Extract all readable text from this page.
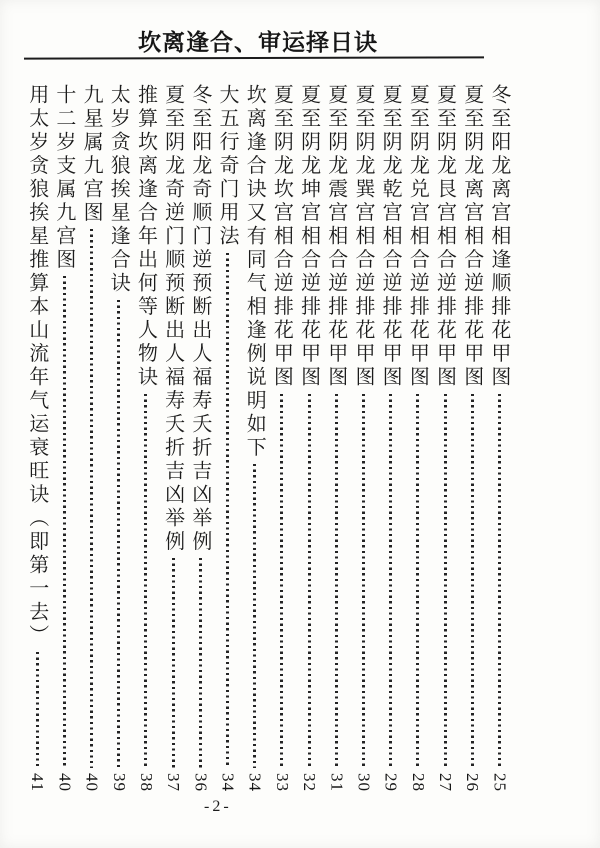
坎离逢合、审运择日诀
冬至阳龙离宫相逢顺排花甲图
25
夏至阴龙离宫相合逆排花甲图
26
夏至阴龙艮宫相合逆排花甲图
27
夏至阴龙兑宫相合逆排花甲图
28
夏至阴龙乾宫相合逆排花甲图
29
夏至阴龙巽宫相合逆排花甲图
30
夏至阴龙震宫相合逆排花甲图
31
夏至阴龙坤宫相合逆排花甲图
32
夏至阴龙坎宫相合逆排花甲图
33
坎离逢合诀又有同气相逢例说明如下
34
大五行奇门用法
34
冬至阳龙奇顺门逆预断出人福寿夭折吉凶举例
36
夏至阴龙奇逆门顺预断出人福寿夭折吉凶举例
37
推算坎离逢合年出何等人物诀
38
太岁贪狼挨星逢合诀
39
九星属九宫图
40
十二岁支属九宫图
40
用太岁贪狼挨星推算本山流年气运衰旺诀（即第一去）
41
-2-
